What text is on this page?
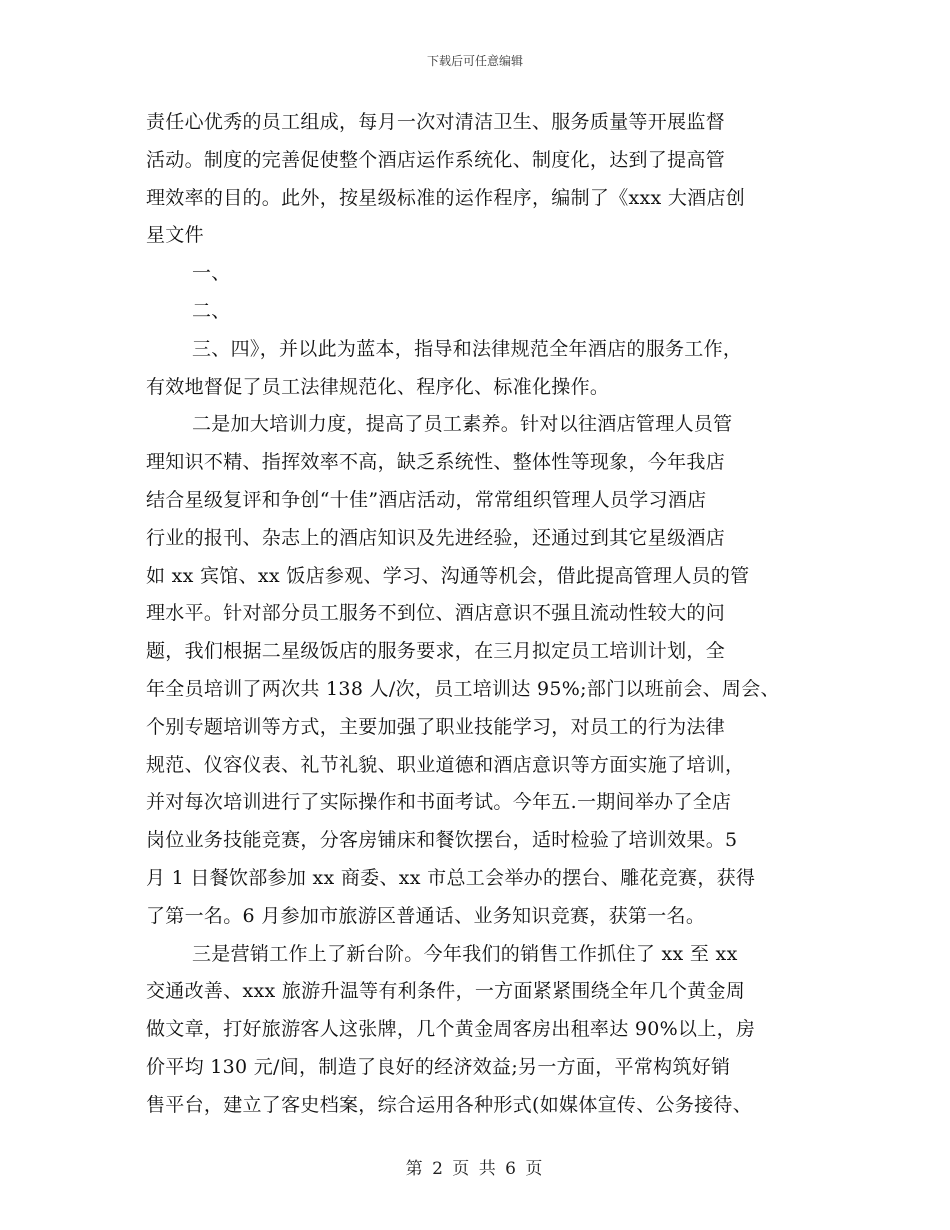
下载后可任意编辑
责任心优秀的员工组成，每月一次对清洁卫生、服务质量等开展监督
活动。制度的完善促使整个酒店运作系统化、制度化，达到了提高管
理效率的目的。此外，按星级标准的运作程序，编制了《xxx 大酒店创
星文件
一、
二、
三、四》，并以此为蓝本，指导和法律规范全年酒店的服务工作，
有效地督促了员工法律规范化、程序化、标准化操作。
二是加大培训力度，提高了员工素养。针对以往酒店管理人员管
理知识不精、指挥效率不高，缺乏系统性、整体性等现象，今年我店
结合星级复评和争创“十佳”酒店活动，常常组织管理人员学习酒店
行业的报刊、杂志上的酒店知识及先进经验，还通过到其它星级酒店
如 xx 宾馆、xx 饭店参观、学习、沟通等机会，借此提高管理人员的管
理水平。针对部分员工服务不到位、酒店意识不强且流动性较大的问
题，我们根据二星级饭店的服务要求，在三月拟定员工培训计划，全
年全员培训了两次共 138 人/次，员工培训达 95%;部门以班前会、周会、
个别专题培训等方式，主要加强了职业技能学习，对员工的行为法律
规范、仪容仪表、礼节礼貌、职业道德和酒店意识等方面实施了培训，
并对每次培训进行了实际操作和书面考试。今年五.一期间举办了全店
岗位业务技能竞赛，分客房铺床和餐饮摆台，适时检验了培训效果。5
月 1 日餐饮部参加 xx 商委、xx 市总工会举办的摆台、雕花竞赛，获得
了第一名。6 月参加市旅游区普通话、业务知识竞赛，获第一名。
三是营销工作上了新台阶。今年我们的销售工作抓住了 xx 至 xx
交通改善、xxx 旅游升温等有利条件，一方面紧紧围绕全年几个黄金周
做文章，打好旅游客人这张牌，几个黄金周客房出租率达 90%以上，房
价平均 130 元/间，制造了良好的经济效益;另一方面，平常构筑好销
售平台，建立了客史档案，综合运用各种形式(如媒体宣传、公务接待、
第 2 页 共 6 页
